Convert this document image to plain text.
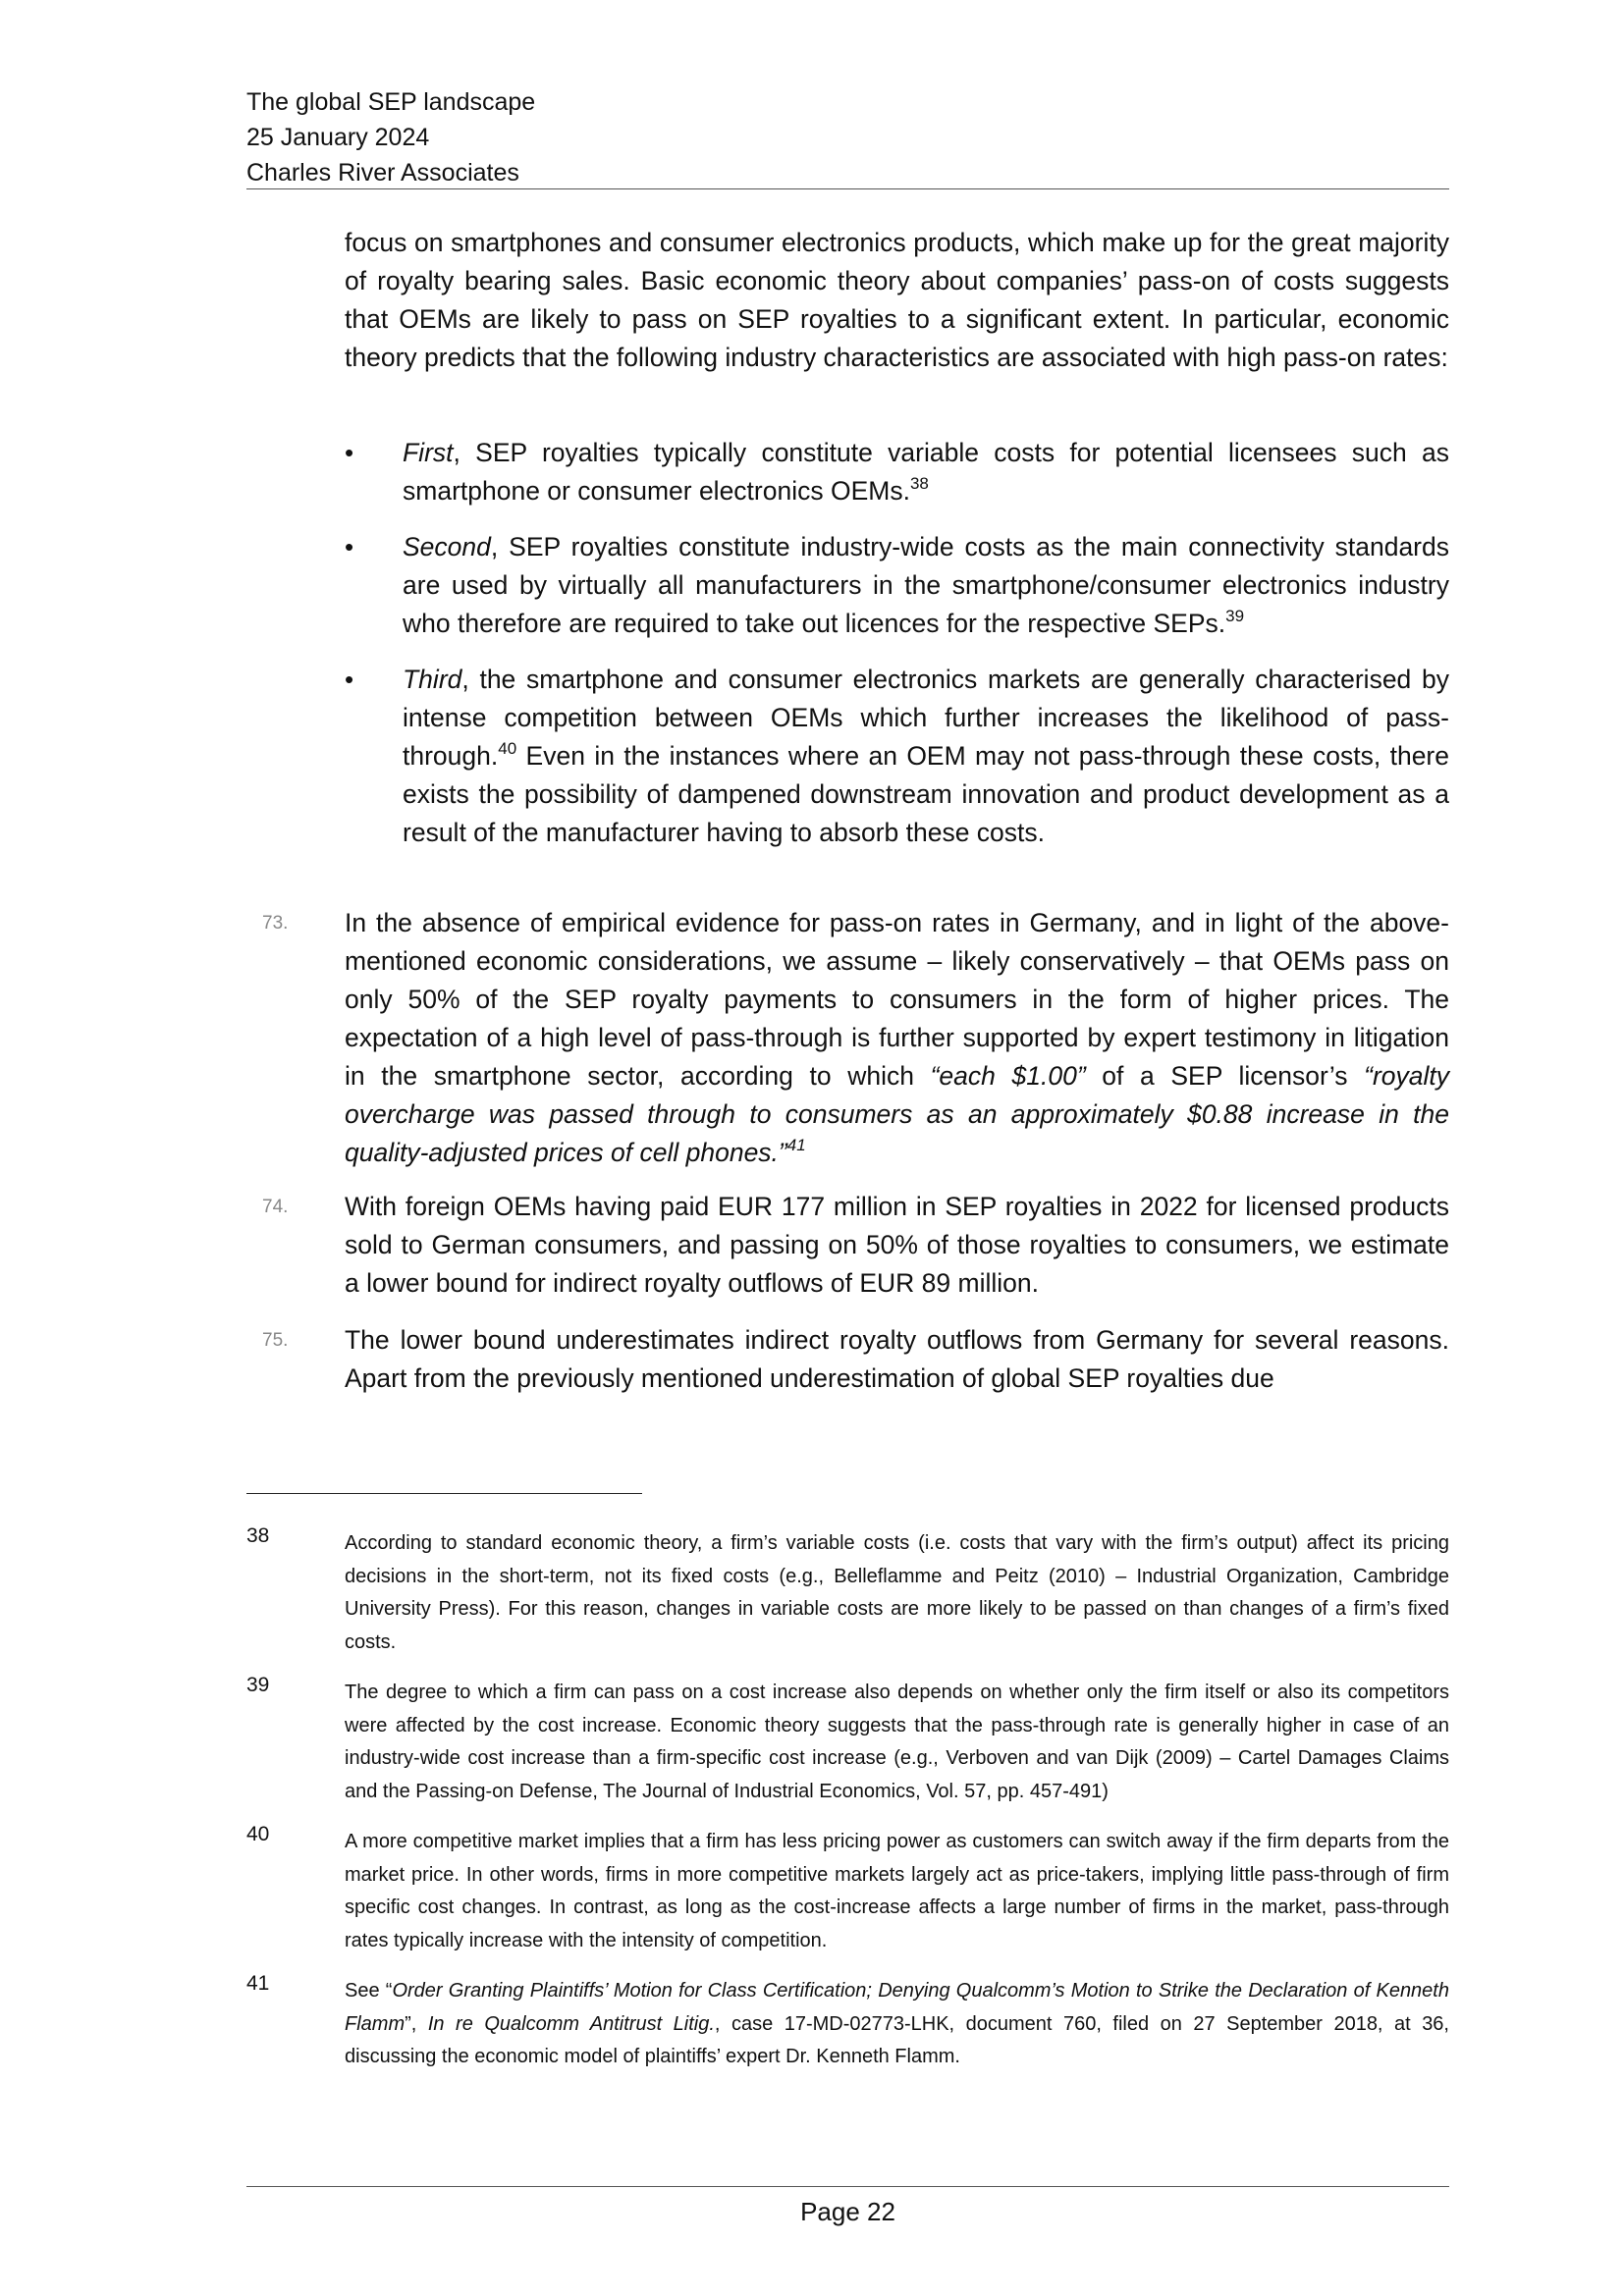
The global SEP landscape

25 January 2024

Charles River Associates

focus on smartphones and consumer electronics products, which make up for the great majority of royalty bearing sales. Basic economic theory about companies’ pass-on of costs suggests that OEMs are likely to pass on SEP royalties to a significant extent. In particular, economic theory predicts that the following industry characteristics are associated with high pass-on rates:

• First, SEP royalties typically constitute variable costs for potential licensees such as smartphone or consumer electronics OEMs.$^{38}$
• Second, SEP royalties constitute industry-wide costs as the main connectivity standards are used by virtually all manufacturers in the smartphone/consumer electronics industry who therefore are required to take out licences for the respective SEPs.$^{39}$
• Third, the smartphone and consumer electronics markets are generally characterised by intense competition between OEMs which further increases the likelihood of pass-through.$^{40}$ Even in the instances where an OEM may not pass-through these costs, there exists the possibility of dampened downstream innovation and product development as a result of the manufacturer having to absorb these costs.
73. In the absence of empirical evidence for pass-on rates in Germany, and in light of the above-mentioned economic considerations, we assume – likely conservatively – that OEMs pass on only 50% of the SEP royalty payments to consumers in the form of higher prices. The expectation of a high level of pass-through is further supported by expert testimony in litigation in the smartphone sector, according to which “each $1.00” of a SEP licensor’s “royalty overcharge was passed through to consumers as an approximately $0.88 increase in the quality-adjusted prices of cell phones.”$^{41}$
74. With foreign OEMs having paid EUR 177 million in SEP royalties in 2022 for licensed products sold to German consumers, and passing on 50% of those royalties to consumers, we estimate a lower bound for indirect royalty outflows of EUR 89 million.
75. The lower bound underestimates indirect royalty outflows from Germany for several reasons. Apart from the previously mentioned underestimation of global SEP royalties due
38	According to standard economic theory, a firm’s variable costs (i.e. costs that vary with the firm’s output) affect its pricing decisions in the short-term, not its fixed costs (e.g., Belleflamme and Peitz (2010) – Industrial Organization, Cambridge University Press). For this reason, changes in variable costs are more likely to be passed on than changes of a firm’s fixed costs.
39	The degree to which a firm can pass on a cost increase also depends on whether only the firm itself or also its competitors were affected by the cost increase. Economic theory suggests that the pass-through rate is generally higher in case of an industry-wide cost increase than a firm-specific cost increase (e.g., Verboven and van Dijk (2009) – Cartel Damages Claims and the Passing-on Defense, The Journal of Industrial Economics, Vol. 57, pp. 457-491)
40	A more competitive market implies that a firm has less pricing power as customers can switch away if the firm departs from the market price. In other words, firms in more competitive markets largely act as price-takers, implying little pass-through of firm specific cost changes. In contrast, as long as the cost-increase affects a large number of firms in the market, pass-through rates typically increase with the intensity of competition.
41	See “Order Granting Plaintiffs’ Motion for Class Certification; Denying Qualcomm’s Motion to Strike the Declaration of Kenneth Flamm”, In re Qualcomm Antitrust Litig., case 17-MD-02773-LHK, document 760, filed on 27 September 2018, at 36, discussing the economic model of plaintiffs’ expert Dr. Kenneth Flamm.
Page 22
